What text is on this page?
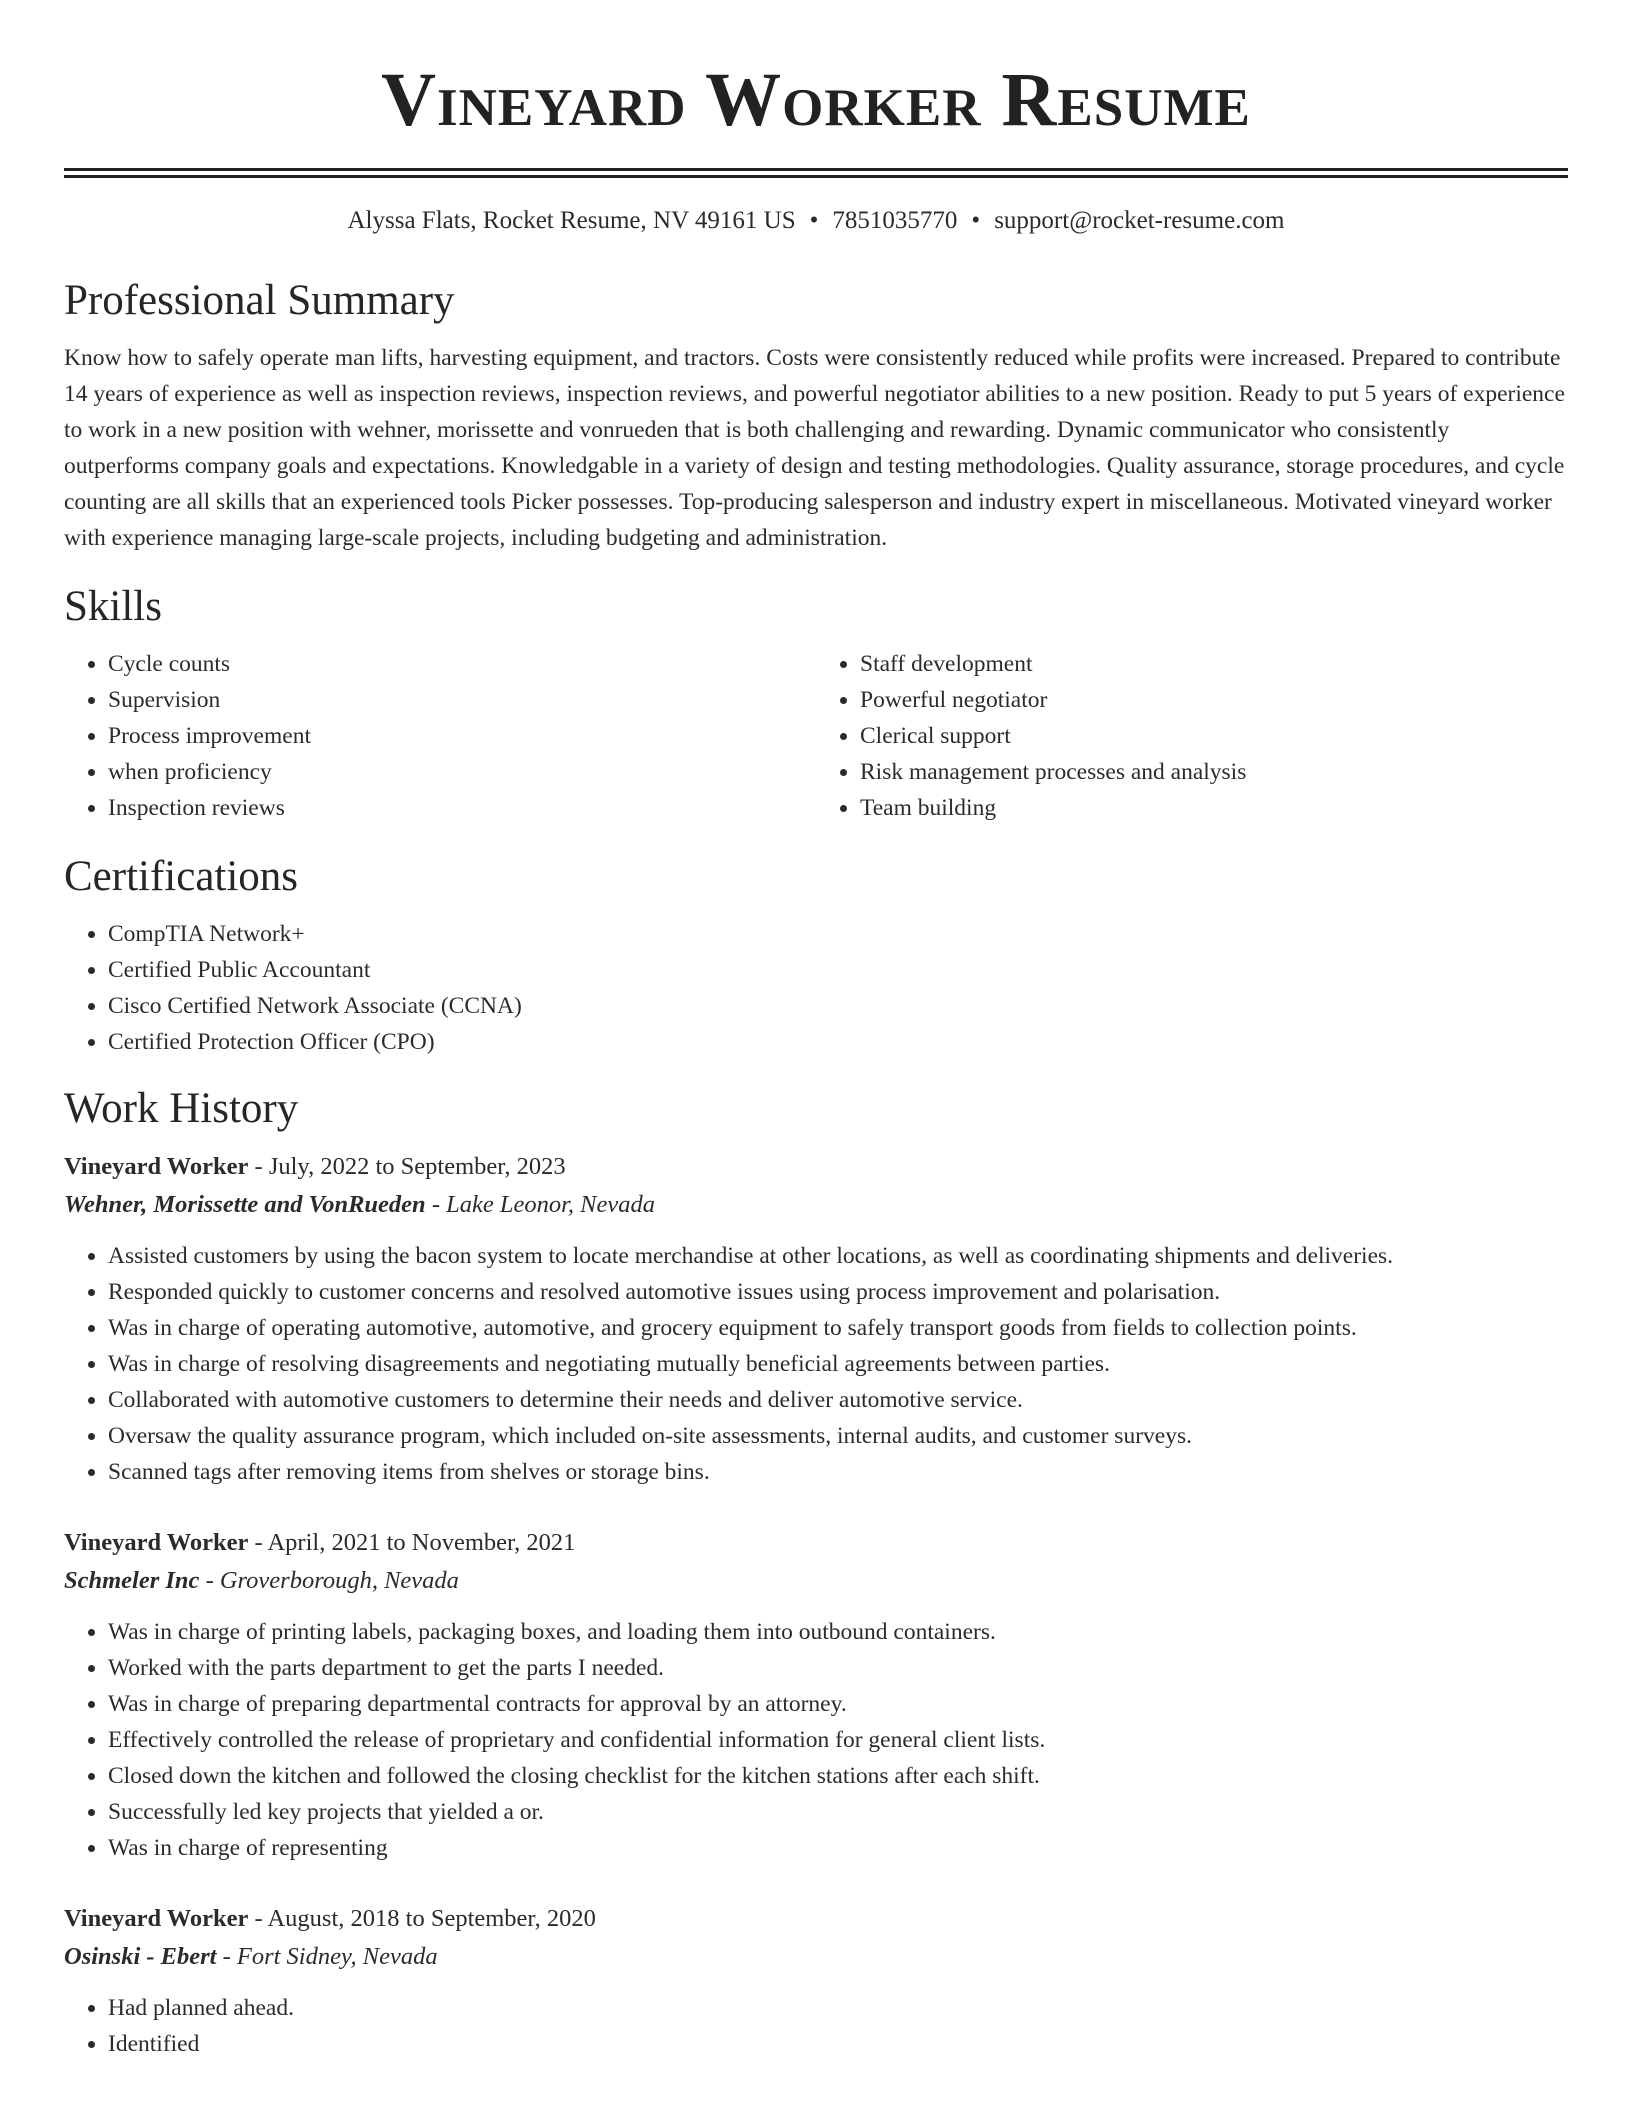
Vineyard Worker Resume
Alyssa Flats, Rocket Resume, NV 49161 US • 7851035770 • support@rocket-resume.com
Professional Summary

Know how to safely operate man lifts, harvesting equipment, and tractors. Costs were consistently reduced while profits were increased. Prepared to contribute 14 years of experience as well as inspection reviews, inspection reviews, and powerful negotiator abilities to a new position. Ready to put 5 years of experience to work in a new position with wehner, morissette and vonrueden that is both challenging and rewarding. Dynamic communicator who consistently outperforms company goals and expectations. Knowledgable in a variety of design and testing methodologies. Quality assurance, storage procedures, and cycle counting are all skills that an experienced tools Picker possesses. Top-producing salesperson and industry expert in miscellaneous. Motivated vineyard worker with experience managing large-scale projects, including budgeting and administration.

Skills
• Cycle counts
• Supervision
• Process improvement
• when proficiency
• Inspection reviews
• Staff development
• Powerful negotiator
• Clerical support
• Risk management processes and analysis
• Team building
Certifications
• CompTIA Network+
• Certified Public Accountant
• Cisco Certified Network Associate (CCNA)
• Certified Protection Officer (CPO)
Work History
Vineyard Worker - July, 2022 to September, 2023
Wehner, Morissette and VonRueden - Lake Leonor, Nevada
• Assisted customers by using the bacon system to locate merchandise at other locations, as well as coordinating shipments and deliveries.
• Responded quickly to customer concerns and resolved automotive issues using process improvement and polarisation.
• Was in charge of operating automotive, automotive, and grocery equipment to safely transport goods from fields to collection points.
• Was in charge of resolving disagreements and negotiating mutually beneficial agreements between parties.
• Collaborated with automotive customers to determine their needs and deliver automotive service.
• Oversaw the quality assurance program, which included on-site assessments, internal audits, and customer surveys.
• Scanned tags after removing items from shelves or storage bins.
Vineyard Worker - April, 2021 to November, 2021
Schmeler Inc - Groverborough, Nevada
• Was in charge of printing labels, packaging boxes, and loading them into outbound containers.
• Worked with the parts department to get the parts I needed.
• Was in charge of preparing departmental contracts for approval by an attorney.
• Effectively controlled the release of proprietary and confidential information for general client lists.
• Closed down the kitchen and followed the closing checklist for the kitchen stations after each shift.
• Successfully led key projects that yielded a or.
• Was in charge of representing
Vineyard Worker - August, 2018 to September, 2020
Osinski - Ebert - Fort Sidney, Nevada
• Had planned ahead.
• Identified
